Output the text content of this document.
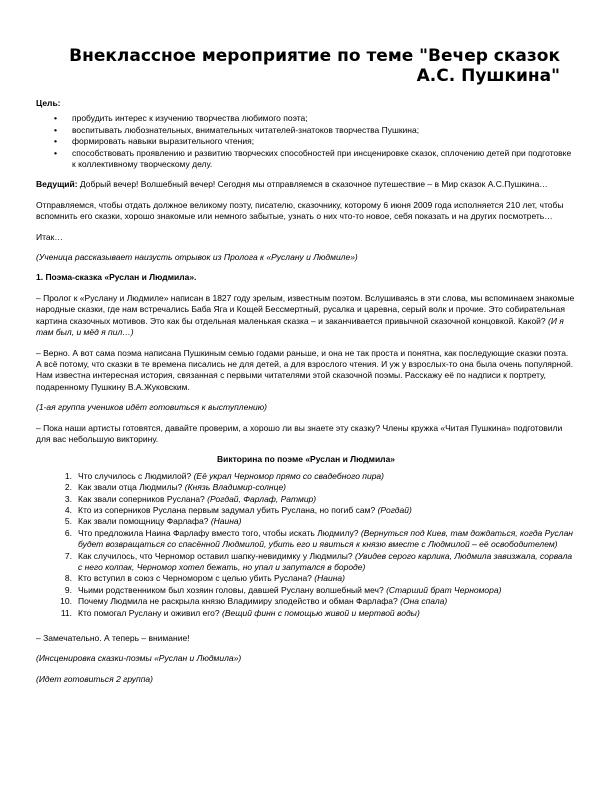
Внеклассное мероприятие по теме "Вечер сказок А.С. Пушкина"

Цель:

• пробудить интерес к изучению творчества любимого поэта;
• воспитывать любознательных, внимательных читателей-знатоков творчества Пушкина;
• формировать навыки выразительного чтения;
• способствовать проявлению и развитию творческих способностей при инсценировке сказок, сплочению детей при подготовке к коллективному творческому делу.

Ведущий: Добрый вечер! Волшебный вечер! Сегодня мы отправляемся в сказочное путешествие – в Мир сказок А.С.Пушкина…

Отправляемся, чтобы отдать должное великому поэту, писателю, сказочнику, которому 6 июня 2009 года исполняется 210 лет, чтобы вспомнить его сказки, хорошо знакомые или немного забытые, узнать о них что-то новое, себя показать и на других посмотреть…

Итак…

(Ученица рассказывает наизусть отрывок из Пролога к «Руслану и Людмиле»)

1. Поэма-сказка «Руслан и Людмила».

– Пролог к «Руслану и Людмиле» написан в 1827 году зрелым, известным поэтом. Вслушиваясь в эти слова, мы вспоминаем знакомые народные сказки, где нам встречались Баба Яга и Кощей Бессмертный, русалка и царевна, серый волк и прочие. Это собирательная картина сказочных мотивов. Это как бы отдельная маленькая сказка – и заканчивается привычной сказочной концовкой. Какой? (И я там был, и мёд я пил…)

– Верно. А вот сама поэма написана Пушкиным семью годами раньше, и она не так проста и понятна, как последующие сказки поэта. А всё потому, что сказки в те времена писались не для детей, а для взрослого чтения. И уж у взрослых-то она была очень популярной. Нам известна интересная история, связанная с первыми читателями этой сказочной поэмы. Расскажу её по надписи к портрету, подаренному Пушкину В.А.Жуковским.

(1-ая группа учеников идёт готовиться к выступлению)

– Пока наши артисты готовятся, давайте проверим, а хорошо ли вы знаете эту сказку? Члены кружка «Читая Пушкина» подготовили для вас небольшую викторину.

Викторина по поэме «Руслан и Людмила»

1. Что случилось с Людмилой? (Её украл Черномор прямо со свадебного пира)
2. Как звали отца Людмилы? (Князь Владимир-солнце)
3. Как звали соперников Руслана? (Рогдай, Фарлаф, Ратмир)
4. Кто из соперников Руслана первым задумал убить Руслана, но погиб сам? (Рогдай)
5. Как звали помощницу Фарлафа? (Наина)
6. Что предложила Наина Фарлафу вместо того, чтобы искать Людмилу? (Вернуться под Киев, там дождаться, когда Руслан будет возвращаться со спасённой Людмилой, убить его и явиться к князю вместе с Людмилой – её освободителем)
7. Как случилось, что Черномор оставил шапку-невидимку у Людмилы? (Увидев серого карлика, Людмила завизжала, сорвала с него колпак, Черномор хотел бежать, но упал и запутался в бороде)
8. Кто вступил в союз с Черномором с целью убить Руслана? (Наина)
9. Чьими родственником был хозяин головы, давшей Руслану волшебный меч? (Старший брат Черномора)
10. Почему Людмила не раскрыла князю Владимиру злодейство и обман Фарлафа? (Она спала)
11. Кто помогал Руслану и оживил его? (Вещий финн с помощью живой и мертвой воды)

– Замечательно. А теперь – внимание!

(Инсценировка сказки-поэмы «Руслан и Людмила»)

(Идет готовиться 2 группа)
